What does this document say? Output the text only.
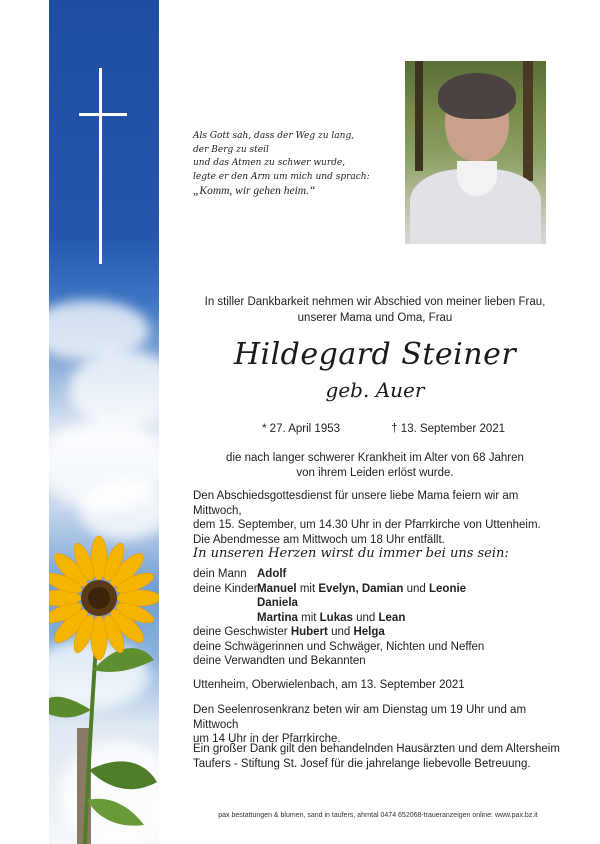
Als Gott sah, dass der Weg zu lang,
der Berg zu steil
und das Atmen zu schwer wurde,
legte er den Arm um mich und sprach:
„Komm, wir gehen heim.“
In stiller Dankbarkeit nehmen wir Abschied von meiner lieben Frau,
unserer Mama und Oma, Frau
Hildegard Steiner
geb. Auer
* 27. April 1953	† 13. September 2021
die nach langer schwerer Krankheit im Alter von 68 Jahren
von ihrem Leiden erlöst wurde.
Den Abschiedsgottesdienst für unsere liebe Mama feiern wir am Mittwoch,
dem 15. September, um 14.30 Uhr in der Pfarrkirche von Uttenheim.
Die Abendmesse am Mittwoch um 18 Uhr entfällt.
In unseren Herzen wirst du immer bei uns sein:
dein Mann Adolf
deine KinderManuel mit Evelyn, Damian und Leonie
Daniela
Martina mit Lukas und Lean
deine Geschwister Hubert und Helga
deine Schwägerinnen und Schwäger, Nichten und Neffen
deine Verwandten und Bekannten
Uttenheim, Oberwielenbach, am 13. September 2021
Den Seelenrosenkranz beten wir am Dienstag um 19 Uhr und am Mittwoch
um 14 Uhr in der Pfarrkirche.
Ein großer Dank gilt den behandelnden Hausärzten und dem Altersheim
Taufers - Stiftung St. Josef für die jahrelange liebevolle Betreuung.
pax bestattungen & blumen, sand in taufers, ahrntal 0474 652068-traueranzeigen online: www.pax.bz.it
